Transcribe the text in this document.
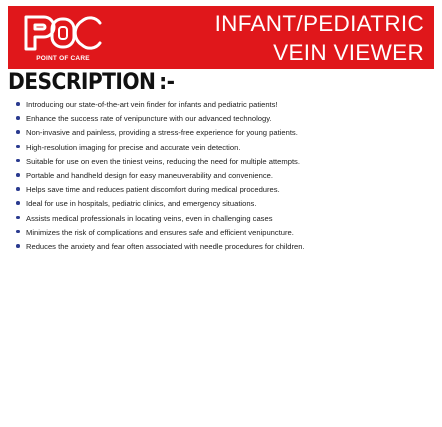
POINT OF CARE
INFANT/PEDIATRIC
VEIN VIEWER
DESCRIPTION :-
Introducing our state-of-the-art vein finder for infants and pediatric patients!
Enhance the success rate of venipuncture with our advanced technology.
Non-invasive and painless, providing a stress-free experience for young patients.
High-resolution imaging for precise and accurate vein detection.
Suitable for use on even the tiniest veins, reducing the need for multiple attempts.
Portable and handheld design for easy maneuverability and convenience.
Helps save time and reduces patient discomfort during medical procedures.
Ideal for use in hospitals, pediatric clinics, and emergency situations.
Assists medical professionals in locating veins, even in challenging cases
Minimizes the risk of complications and ensures safe and efficient venipuncture.
Reduces the anxiety and fear often associated with needle procedures for children.
